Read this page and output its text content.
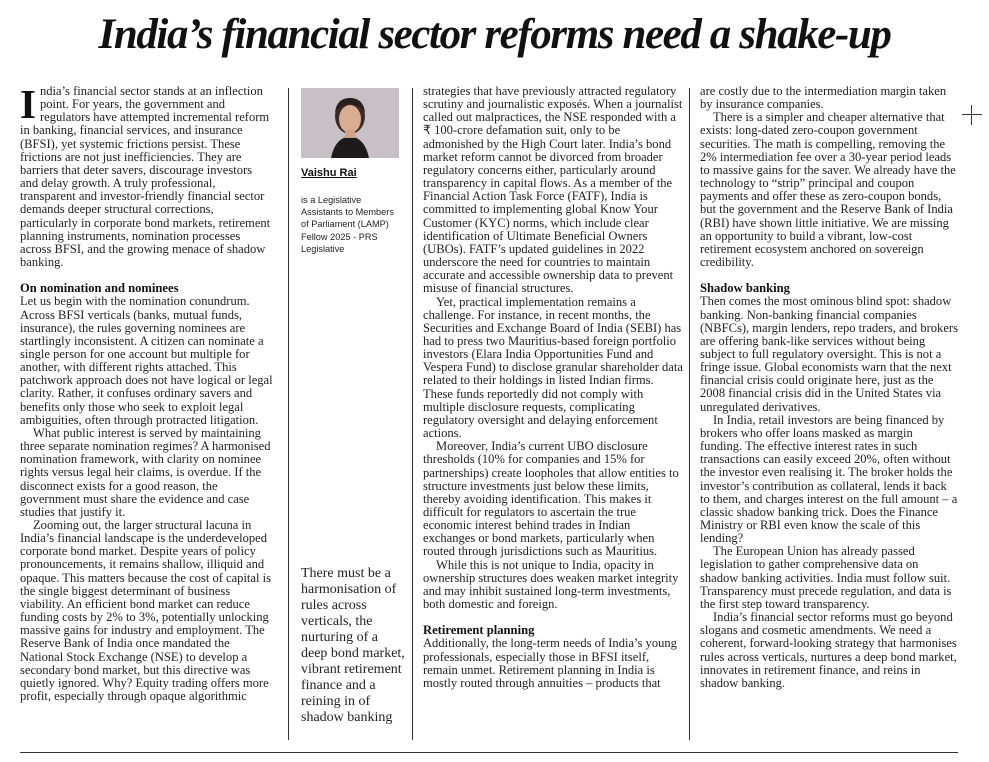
India’s financial sector reforms need a shake-up

India’s financial sector stands at an inflection point. For years, the government and regulators have attempted incremental reform in banking, financial services, and insurance (BFSI), yet systemic frictions persist. These frictions are not just inefficiencies. They are barriers that deter savers, discourage investors and delay growth. A truly professional, transparent and investor-friendly financial sector demands deeper structural corrections, particularly in corporate bond markets, retirement planning instruments, nomination processes across BFSI, and the growing menace of shadow banking.

On nomination and nominees

Let us begin with the nomination conundrum. Across BFSI verticals (banks, mutual funds, insurance), the rules governing nominees are startlingly inconsistent. A citizen can nominate a single person for one account but multiple for another, with different rights attached. This patchwork approach does not have logical or legal clarity. Rather, it confuses ordinary savers and benefits only those who seek to exploit legal ambiguities, often through protracted litigation.

What public interest is served by maintaining three separate nomination regimes? A harmonised nomination framework, with clarity on nominee rights versus legal heir claims, is overdue. If the disconnect exists for a good reason, the government must share the evidence and case studies that justify it.

Zooming out, the larger structural lacuna in India’s financial landscape is the underdeveloped corporate bond market. Despite years of policy pronouncements, it remains shallow, illiquid and opaque. This matters because the cost of capital is the single biggest determinant of business viability. An efficient bond market can reduce funding costs by 2% to 3%, potentially unlocking massive gains for industry and employment. The Reserve Bank of India once mandated the National Stock Exchange (NSE) to develop a secondary bond market, but this directive was quietly ignored. Why? Equity trading offers more profit, especially through opaque algorithmic

Vaishu Rai
is a Legislative Assistants to Members of Parliament (LAMP) Fellow 2025 - PRS Legislative
There must be a harmonisation of rules across verticals, the nurturing of a deep bond market, vibrant retirement finance and a reining in of shadow banking

strategies that have previously attracted regulatory scrutiny and journalistic exposés. When a journalist called out malpractices, the NSE responded with a ₹ 100-crore defamation suit, only to be admonished by the High Court later. India’s bond market reform cannot be divorced from broader regulatory concerns either, particularly around transparency in capital flows. As a member of the Financial Action Task Force (FATF), India is committed to implementing global Know Your Customer (KYC) norms, which include clear identification of Ultimate Beneficial Owners (UBOs). FATF’s updated guidelines in 2022 underscore the need for countries to maintain accurate and accessible ownership data to prevent misuse of financial structures.

Yet, practical implementation remains a challenge. For instance, in recent months, the Securities and Exchange Board of India (SEBI) has had to press two Mauritius-based foreign portfolio investors (Elara India Opportunities Fund and Vespera Fund) to disclose granular shareholder data related to their holdings in listed Indian firms. These funds reportedly did not comply with multiple disclosure requests, complicating regulatory oversight and delaying enforcement actions.

Moreover, India’s current UBO disclosure thresholds (10% for companies and 15% for partnerships) create loopholes that allow entities to structure investments just below these limits, thereby avoiding identification. This makes it difficult for regulators to ascertain the true economic interest behind trades in Indian exchanges or bond markets, particularly when routed through jurisdictions such as Mauritius.

While this is not unique to India, opacity in ownership structures does weaken market integrity and may inhibit sustained long-term investments, both domestic and foreign.

Retirement planning

Additionally, the long-term needs of India’s young professionals, especially those in BFSI itself, remain unmet. Retirement planning in India is mostly routed through annuities – products that

are costly due to the intermediation margin taken by insurance companies.

There is a simpler and cheaper alternative that exists: long-dated zero-coupon government securities. The math is compelling, removing the 2% intermediation fee over a 30-year period leads to massive gains for the saver. We already have the technology to “strip” principal and coupon payments and offer these as zero-coupon bonds, but the government and the Reserve Bank of India (RBI) have shown little initiative. We are missing an opportunity to build a vibrant, low-cost retirement ecosystem anchored on sovereign credibility.

Shadow banking

Then comes the most ominous blind spot: shadow banking. Non-banking financial companies (NBFCs), margin lenders, repo traders, and brokers are offering bank-like services without being subject to full regulatory oversight. This is not a fringe issue. Global economists warn that the next financial crisis could originate here, just as the 2008 financial crisis did in the United States via unregulated derivatives.

In India, retail investors are being financed by brokers who offer loans masked as margin funding. The effective interest rates in such transactions can easily exceed 20%, often without the investor even realising it. The broker holds the investor’s contribution as collateral, lends it back to them, and charges interest on the full amount – a classic shadow banking trick. Does the Finance Ministry or RBI even know the scale of this lending?

The European Union has already passed legislation to gather comprehensive data on shadow banking activities. India must follow suit. Transparency must precede regulation, and data is the first step toward transparency.

India’s financial sector reforms must go beyond slogans and cosmetic amendments. We need a coherent, forward-looking strategy that harmonises rules across verticals, nurtures a deep bond market, innovates in retirement finance, and reins in shadow banking.
